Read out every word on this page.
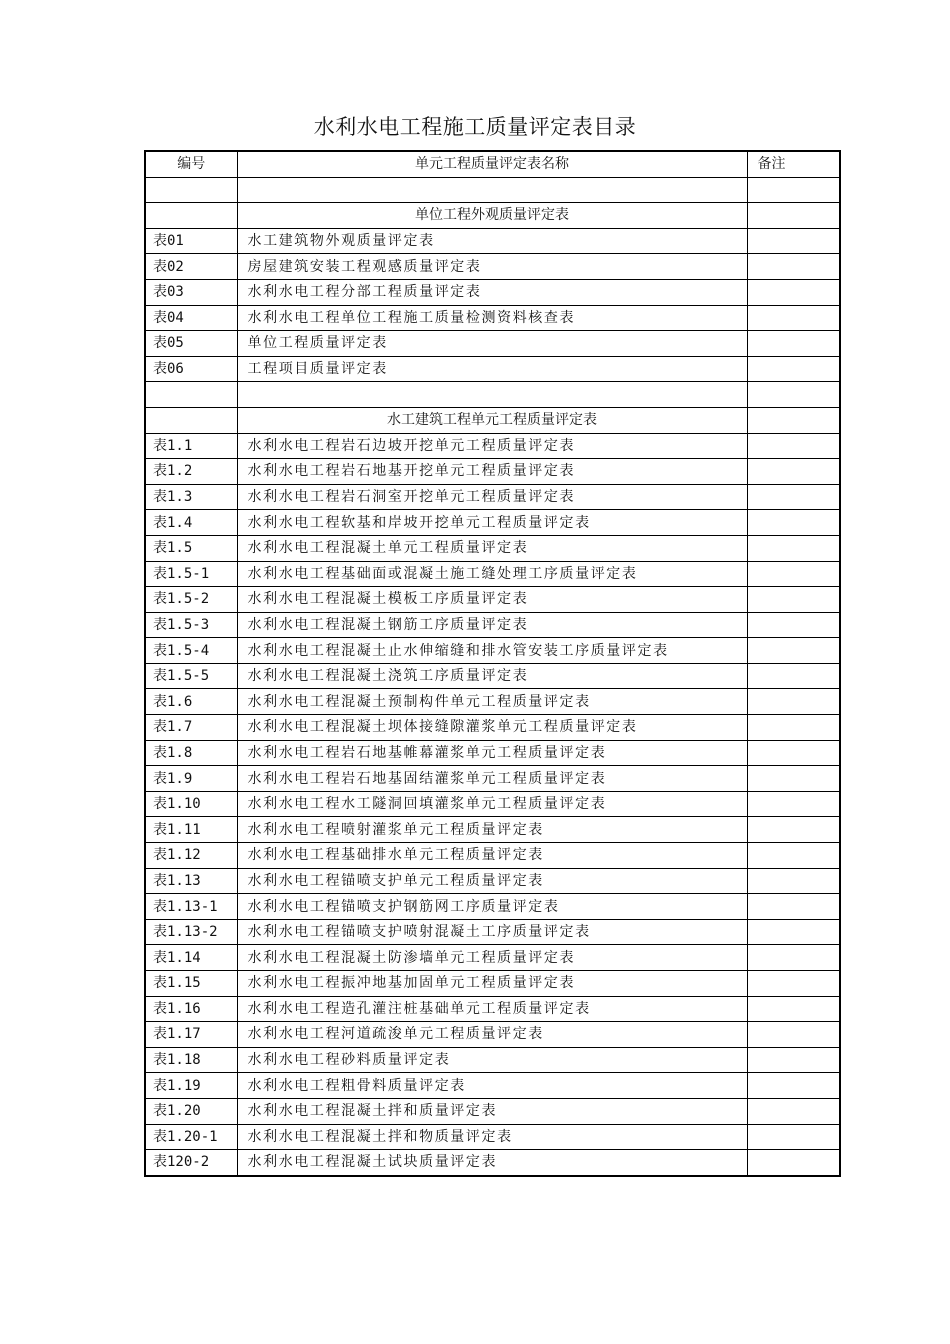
水利水电工程施工质量评定表目录
编号	单元工程质量评定表名称	备注

	单位工程外观质量评定表	
表01	水工建筑物外观质量评定表	
表02	房屋建筑安装工程观感质量评定表	
表03	水利水电工程分部工程质量评定表	
表04	水利水电工程单位工程施工质量检测资料核查表	
表05	单位工程质量评定表	
表06	工程项目质量评定表	

	水工建筑工程单元工程质量评定表	
表1.1	水利水电工程岩石边坡开挖单元工程质量评定表	
表1.2	水利水电工程岩石地基开挖单元工程质量评定表	
表1.3	水利水电工程岩石洞室开挖单元工程质量评定表	
表1.4	水利水电工程软基和岸坡开挖单元工程质量评定表	
表1.5	水利水电工程混凝土单元工程质量评定表	
表1.5-1	水利水电工程基础面或混凝土施工缝处理工序质量评定表	
表1.5-2	水利水电工程混凝土模板工序质量评定表	
表1.5-3	水利水电工程混凝土钢筋工序质量评定表	
表1.5-4	水利水电工程混凝土止水伸缩缝和排水管安装工序质量评定表	
表1.5-5	水利水电工程混凝土浇筑工序质量评定表	
表1.6	水利水电工程混凝土预制构件单元工程质量评定表	
表1.7	水利水电工程混凝土坝体接缝隙灌浆单元工程质量评定表	
表1.8	水利水电工程岩石地基帷幕灌浆单元工程质量评定表	
表1.9	水利水电工程岩石地基固结灌浆单元工程质量评定表	
表1.10	水利水电工程水工隧洞回填灌浆单元工程质量评定表	
表1.11	水利水电工程喷射灌浆单元工程质量评定表	
表1.12	水利水电工程基础排水单元工程质量评定表	
表1.13	水利水电工程锚喷支护单元工程质量评定表	
表1.13-1	水利水电工程锚喷支护钢筋网工序质量评定表	
表1.13-2	水利水电工程锚喷支护喷射混凝土工序质量评定表	
表1.14	水利水电工程混凝土防渗墙单元工程质量评定表	
表1.15	水利水电工程振冲地基加固单元工程质量评定表	
表1.16	水利水电工程造孔灌注桩基础单元工程质量评定表	
表1.17	水利水电工程河道疏浚单元工程质量评定表	
表1.18	水利水电工程砂料质量评定表	
表1.19	水利水电工程粗骨料质量评定表	
表1.20	水利水电工程混凝土拌和质量评定表	
表1.20-1	水利水电工程混凝土拌和物质量评定表	
表120-2	水利水电工程混凝土试块质量评定表	
